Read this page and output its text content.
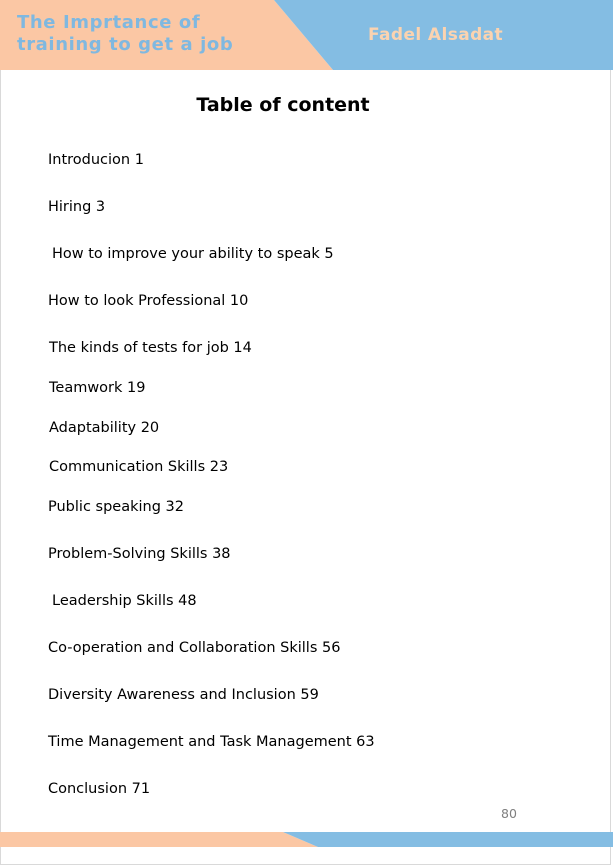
The Imprtance of
training to get a job	Fadel Alsadat
Table of content
Introducion 1
Hiring 3
How to improve your ability to speak 5
How to look Professional 10
The kinds of tests for job 14
Teamwork 19
Adaptability 20
Communication Skills 23
Public speaking 32
Problem-Solving Skills 38
Leadership Skills 48
Co-operation and Collaboration Skills 56
Diversity Awareness and Inclusion 59
Time Management and Task Management 63
Conclusion 71
80
